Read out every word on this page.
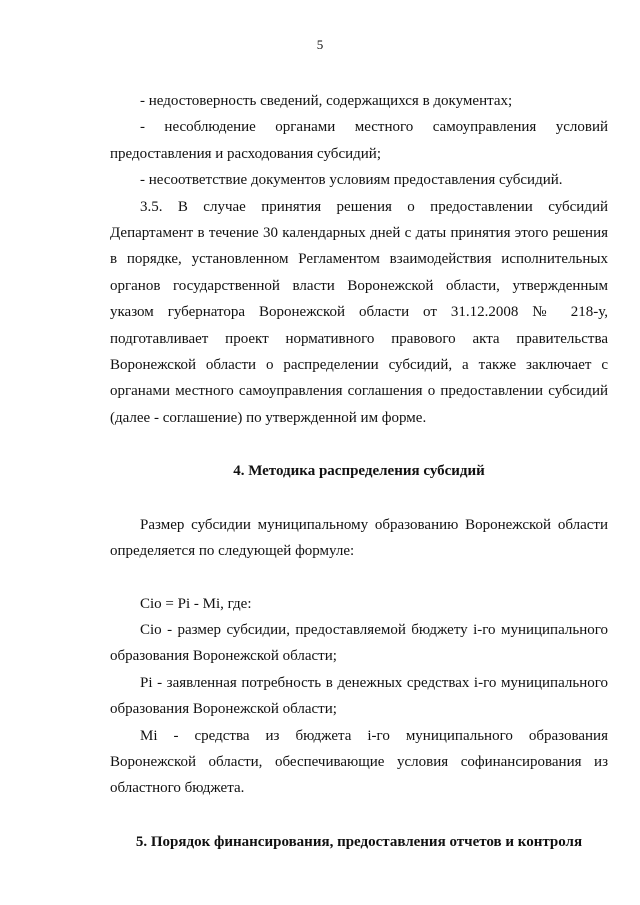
5

- недостоверность сведений, содержащихся в документах;

- несоблюдение органами местного самоуправления условий предоставления и расходования субсидий;

- несоответствие документов условиям предоставления субсидий.

3.5. В случае принятия решения о предоставлении субсидий Департамент в течение 30 календарных дней с даты принятия этого решения в порядке, установленном Регламентом взаимодействия исполнительных органов государственной власти Воронежской области, утвержденным указом губернатора Воронежской области от 31.12.2008 № 218-у, подготавливает проект нормативного правового акта правительства Воронежской области о распределении субсидий, а также заключает с органами местного самоуправления соглашения о предоставлении субсидий (далее - соглашение) по утвержденной им форме.

4. Методика распределения субсидий

Размер субсидии муниципальному образованию Воронежской области определяется по следующей формуле:

Сio = Pi - Mi, где:

Сio - размер субсидии, предоставляемой бюджету i-го муниципального образования Воронежской области;

Pi - заявленная потребность в денежных средствах i-го муниципального образования Воронежской области;

Mi - средства из бюджета i-го муниципального образования Воронежской области, обеспечивающие условия софинансирования из областного бюджета.

5. Порядок финансирования, предоставления отчетов и контроля
